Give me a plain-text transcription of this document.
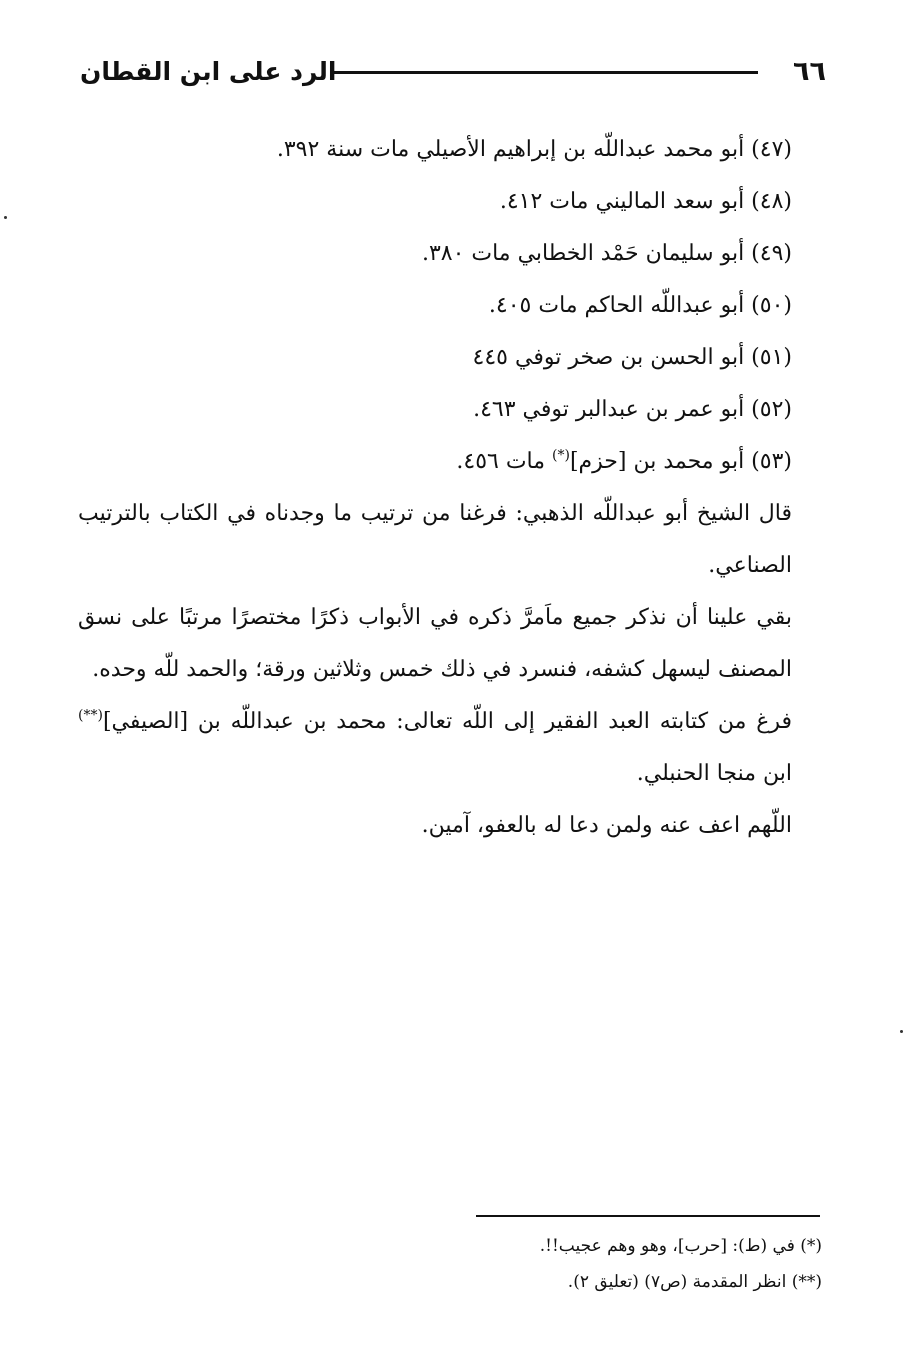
٦٦
الرد على ابن القطان

(٤٧) أبو محمد عبداللّه بن إبراهيم الأصيلي مات سنة ٣٩٢.

(٤٨) أبو سعد الماليني مات ٤١٢.

(٤٩) أبو سليمان حَمْد الخطابي مات ٣٨٠.

(٥٠) أبو عبداللّه الحاكم مات ٤٠٥.

(٥١) أبو الحسن بن صخر توفي ٤٤٥

(٥٢) أبو عمر بن عبدالبر توفي ٤٦٣.

(٥٣) أبو محمد بن [حزم](*) مات ٤٥٦.

قال الشيخ أبو عبداللّه الذهبي: فرغنا من ترتيب ما وجدناه في الكتاب بالترتيب
الصناعي.

بقي علينا أن نذكر جميع ماَمرَّ ذكره في الأبواب ذكرًا مختصرًا مرتبًا على نسق
المصنف ليسهل كشفه، فنسرد في ذلك خمس وثلاثين ورقة؛ والحمد للّه وحده.

فرغ من كتابته العبد الفقير إلى اللّه تعالى: محمد بن عبداللّه بن [الصيفي](**)
ابن منجا الحنبلي.

اللّهم اعف عنه ولمن دعا له بالعفو، آمين.

(*) في (ط): [حرب]، وهو وهم عجيب!!.

(**) انظر المقدمة (ص٧) (تعليق ٢).
